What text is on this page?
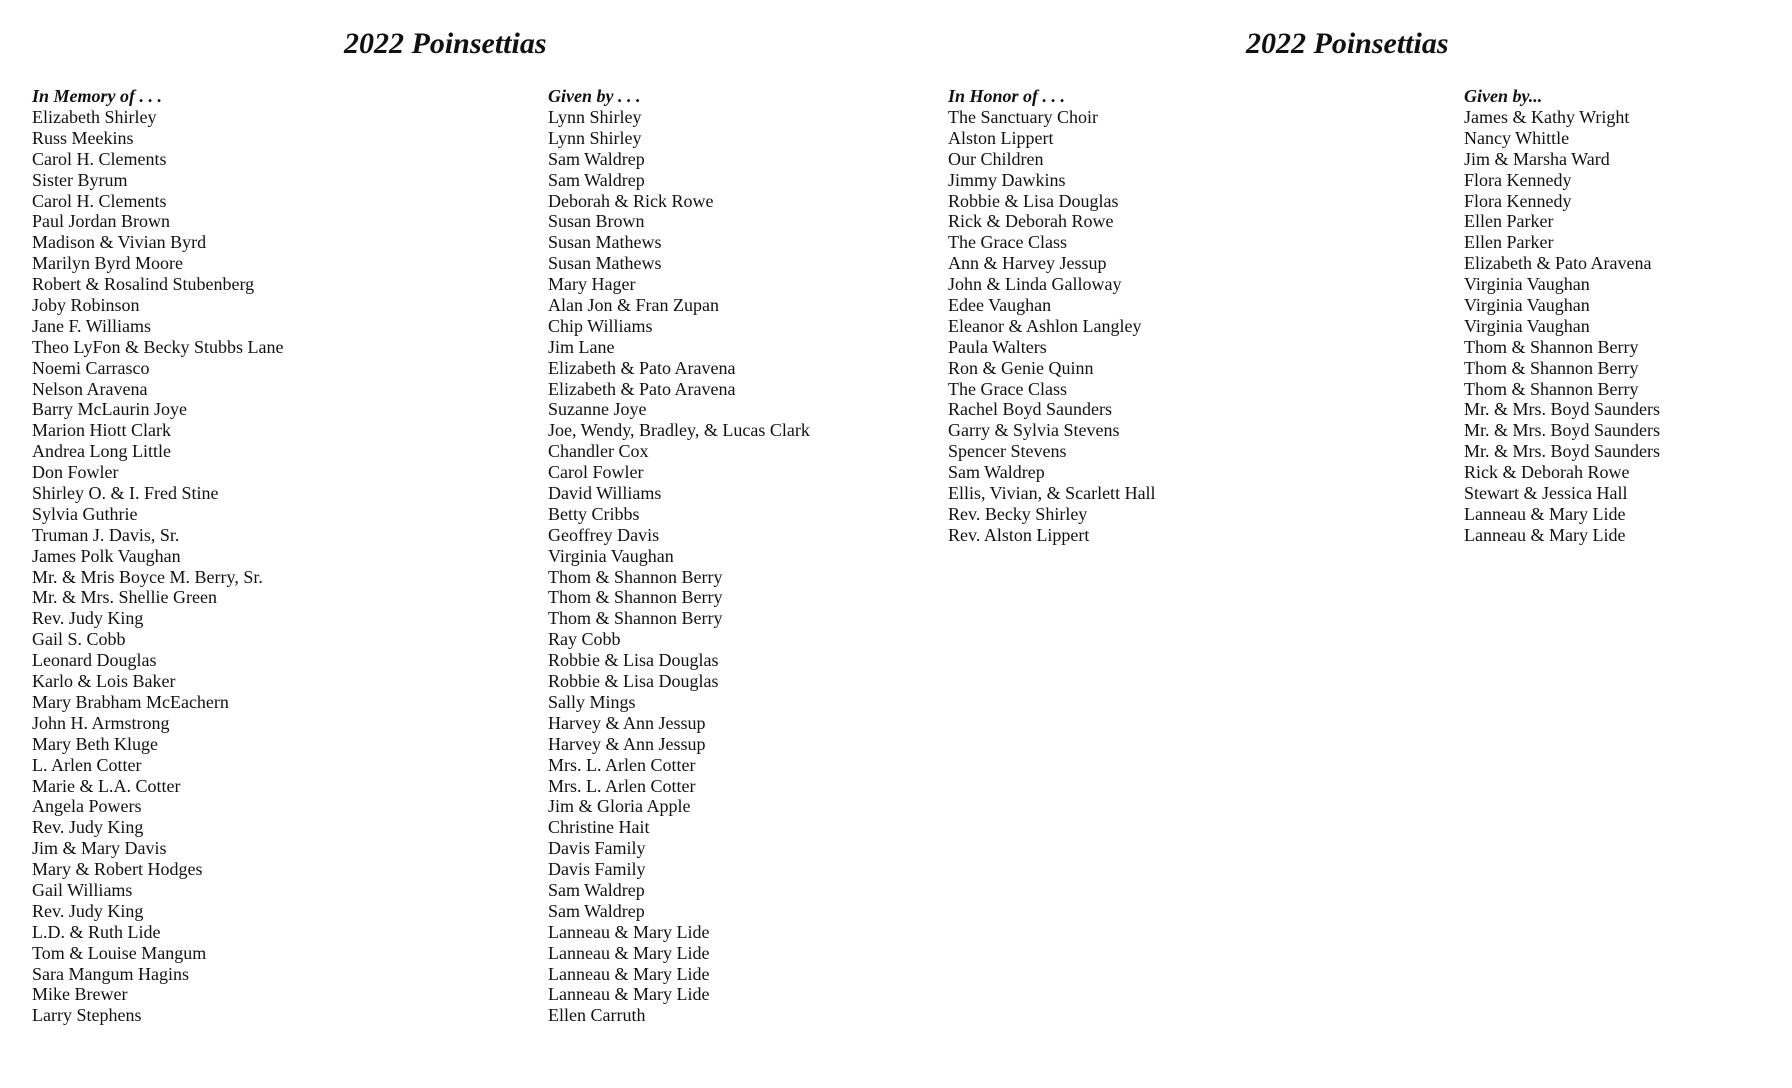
2022 Poinsettias
In Memory of . . .
Elizabeth Shirley
Russ Meekins
Carol H. Clements
Sister Byrum
Carol H. Clements
Paul Jordan Brown
Madison & Vivian Byrd
Marilyn Byrd Moore
Robert & Rosalind Stubenberg
Joby Robinson
Jane F. Williams
Theo LyFon & Becky Stubbs Lane
Noemi Carrasco
Nelson Aravena
Barry McLaurin Joye
Marion Hiott Clark
Andrea Long Little
Don Fowler
Shirley O. & I. Fred Stine
Sylvia Guthrie
Truman J. Davis, Sr.
James Polk Vaughan
Mr. & Mris Boyce M. Berry, Sr.
Mr. & Mrs. Shellie Green
Rev. Judy King
Gail S. Cobb
Leonard Douglas
Karlo & Lois Baker
Mary Brabham McEachern
John H. Armstrong
Mary Beth Kluge
L. Arlen Cotter
Marie & L.A. Cotter
Angela Powers
Rev. Judy King
Jim & Mary Davis
Mary & Robert Hodges
Gail Williams
Rev. Judy King
L.D. & Ruth Lide
Tom & Louise Mangum
Sara Mangum Hagins
Mike Brewer
Larry Stephens
Given by . . .
Lynn Shirley
Lynn Shirley
Sam Waldrep
Sam Waldrep
Deborah & Rick Rowe
Susan Brown
Susan Mathews
Susan Mathews
Mary Hager
Alan Jon & Fran Zupan
Chip Williams
Jim Lane
Elizabeth & Pato Aravena
Elizabeth & Pato Aravena
Suzanne Joye
Joe, Wendy, Bradley, & Lucas Clark
Chandler Cox
Carol Fowler
David Williams
Betty Cribbs
Geoffrey Davis
Virginia Vaughan
Thom & Shannon Berry
Thom & Shannon Berry
Thom & Shannon Berry
Ray Cobb
Robbie & Lisa Douglas
Robbie & Lisa Douglas
Sally Mings
Harvey & Ann Jessup
Harvey & Ann Jessup
Mrs. L. Arlen Cotter
Mrs. L. Arlen Cotter
Jim & Gloria Apple
Christine Hait
Davis Family
Davis Family
Sam Waldrep
Sam Waldrep
Lanneau & Mary Lide
Lanneau & Mary Lide
Lanneau & Mary Lide
Lanneau & Mary Lide
Ellen Carruth
2022 Poinsettias
In Honor of . . .
The Sanctuary Choir
Alston Lippert
Our Children
Jimmy Dawkins
Robbie & Lisa Douglas
Rick & Deborah Rowe
The Grace Class
Ann & Harvey Jessup
John & Linda Galloway
Edee Vaughan
Eleanor & Ashlon Langley
Paula Walters
Ron & Genie Quinn
The Grace Class
Rachel Boyd Saunders
Garry & Sylvia Stevens
Spencer Stevens
Sam Waldrep
Ellis, Vivian, & Scarlett Hall
Rev. Becky Shirley
Rev. Alston Lippert
Given by...
James & Kathy Wright
Nancy Whittle
Jim & Marsha Ward
Flora Kennedy
Flora Kennedy
Ellen Parker
Ellen Parker
Elizabeth & Pato Aravena
Virginia Vaughan
Virginia Vaughan
Virginia Vaughan
Thom & Shannon Berry
Thom & Shannon Berry
Thom & Shannon Berry
Mr. & Mrs. Boyd Saunders
Mr. & Mrs. Boyd Saunders
Mr. & Mrs. Boyd Saunders
Rick & Deborah Rowe
Stewart & Jessica Hall
Lanneau & Mary Lide
Lanneau & Mary Lide
